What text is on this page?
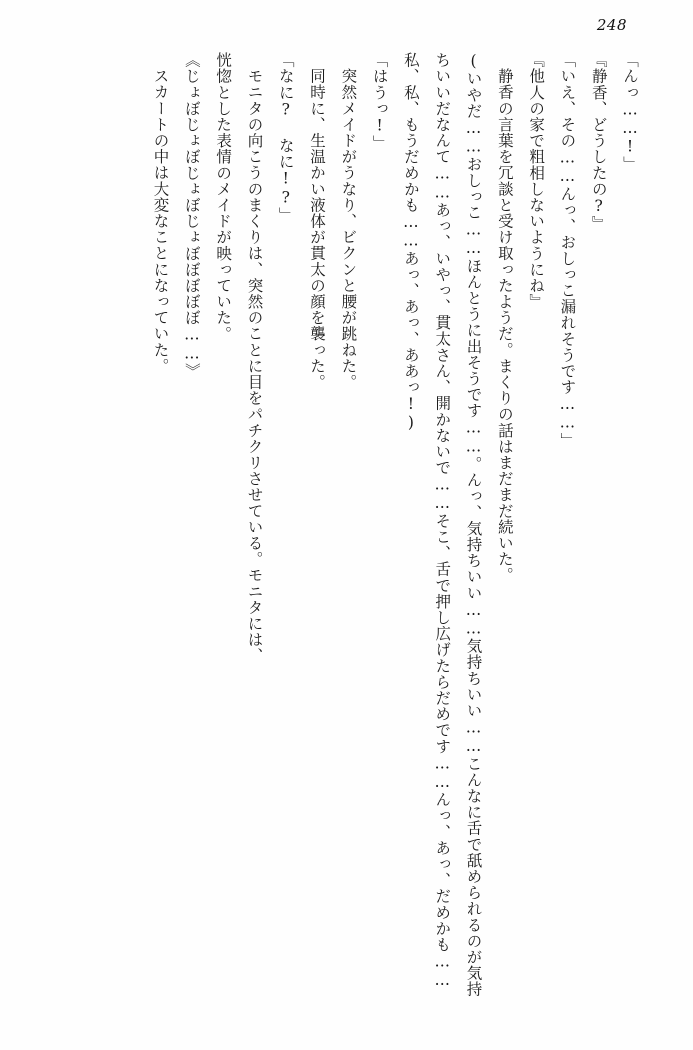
248

「んっ……!」

『静香、どうしたの?』

「いえ、その……んっ、おしっこ漏れそうです……」

『他人の家で粗相しないようにね』

静香の言葉を冗談と受け取ったようだ。まくりの話はまだまだ続いた。

(いやだ……おしっこ……ほんとうに出そうです……。んっ、気持ちいい……気持ちいい……こんなに舌で舐められるのが気持ちいいだなんて……あっ、いやっ、貫太さん、開かないで……そこ、舌で押し広げたらだめです……んっ、あっ、だめかも……

私、私、もうだめかも……あっ、あっ、ああっ!)

「はうっ!」

突然メイドがうなり、ビクンと腰が跳ねた。

同時に、生温かい液体が貫太の顔を襲った。

「なに? なに!?」

モニタの向こうのまくりは、突然のことに目をパチクリさせている。モニタには、

恍惚とした表情のメイドが映っていた。

《じょぼじょぼじょぼじょぼぼぼぼぼ……》

スカートの中は大変なことになっていた。
